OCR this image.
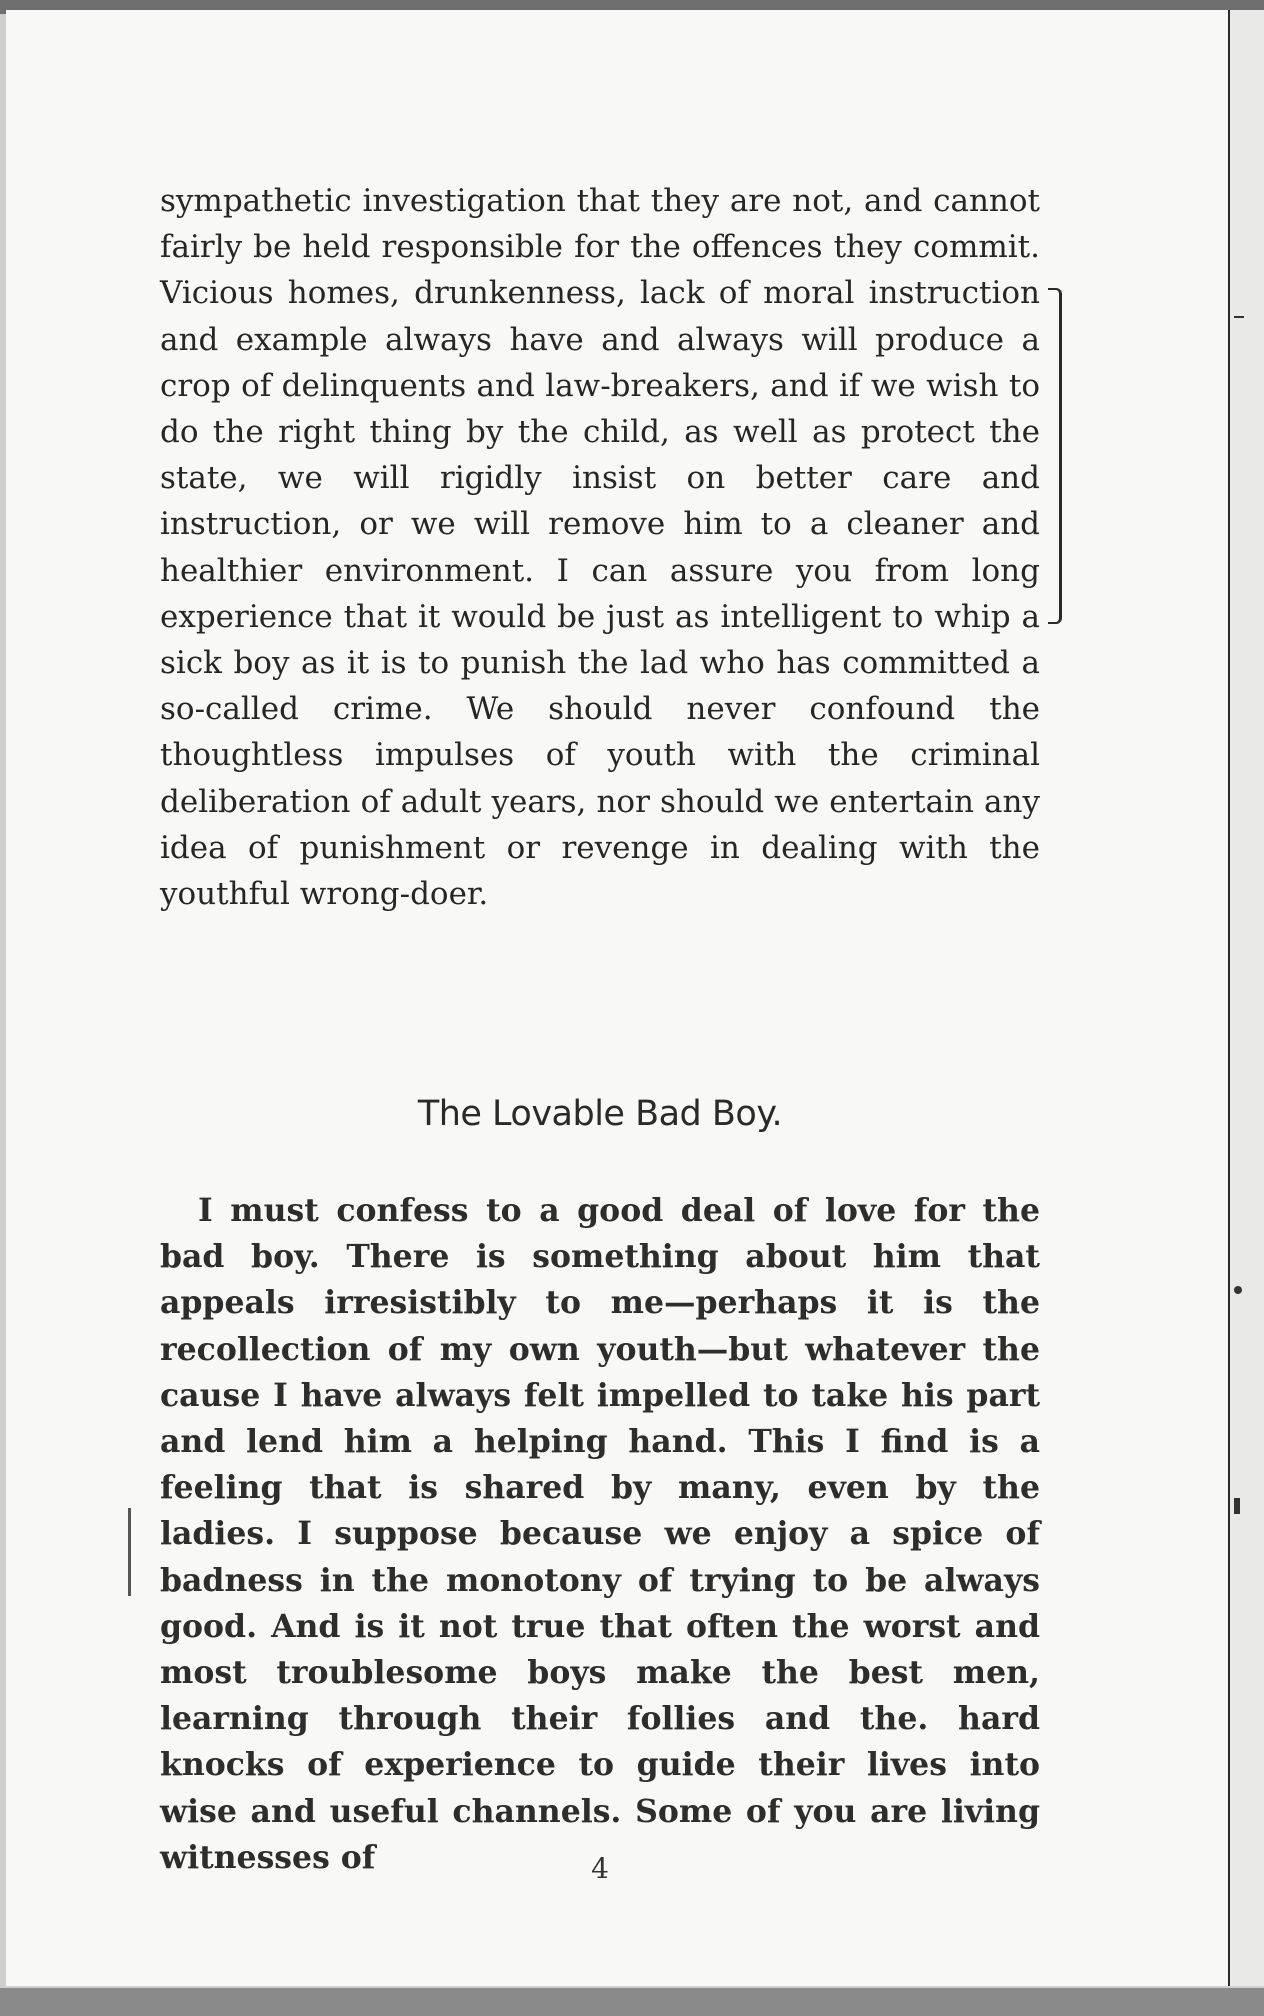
sympathetic investigation that they are not, and cannot fairly be held responsible for the offences they commit. Vicious homes, drunkenness, lack of moral instruction and example always have and always will produce a crop of delinquents and law-breakers, and if we wish to do the right thing by the child, as well as protect the state, we will rigidly insist on better care and instruction, or we will remove him to a cleaner and healthier environment. I can assure you from long experience that it would be just as intelligent to whip a sick boy as it is to punish the lad who has committed a so-called crime. We should never confound the thoughtless impulses of youth with the criminal deliberation of adult years, nor should we entertain any idea of punishment or revenge in dealing with the youthful wrong-doer.
The Lovable Bad Boy.
I must confess to a good deal of love for the bad boy. There is something about him that appeals irresistibly to me—perhaps it is the recollection of my own youth—but whatever the cause I have always felt impelled to take his part and lend him a helping hand. This I find is a feeling that is shared by many, even by the ladies. I suppose because we enjoy a spice of badness in the monotony of trying to be always good. And is it not true that often the worst and most troublesome boys make the best men, learning through their follies and the. hard knocks of experience to guide their lives into wise and useful channels. Some of you are living witnesses of	4
